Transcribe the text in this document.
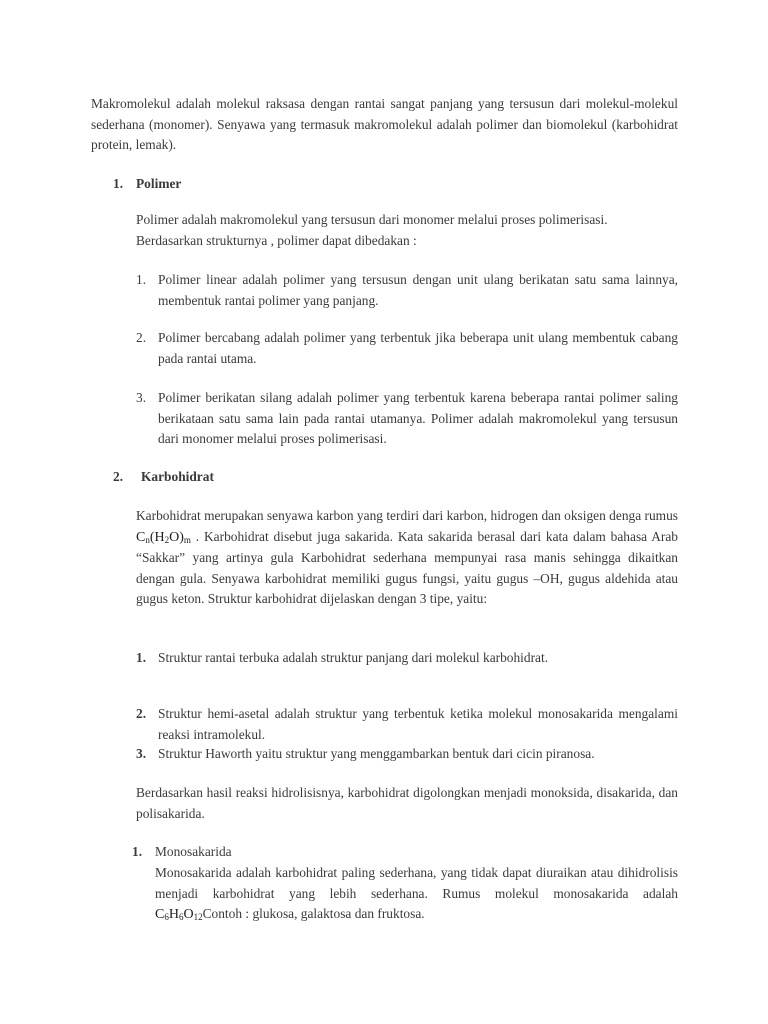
Makromolekul adalah molekul raksasa dengan rantai sangat panjang yang tersusun dari molekul-molekul sederhana (monomer). Senyawa yang termasuk makromolekul adalah polimer dan biomolekul (karbohidrat protein, lemak).
1. Polimer
Polimer adalah makromolekul yang tersusun dari monomer melalui proses polimerisasi.
Berdasarkan strukturnya , polimer dapat dibedakan :
1. Polimer linear adalah polimer yang tersusun dengan unit ulang berikatan satu sama lainnya, membentuk rantai polimer yang panjang.
2. Polimer bercabang adalah polimer yang terbentuk jika beberapa unit ulang membentuk cabang pada rantai utama.
3. Polimer berikatan silang adalah polimer yang terbentuk karena beberapa rantai polimer saling berikataan satu sama lain pada rantai utamanya. Polimer adalah makromolekul yang tersusun dari monomer melalui proses polimerisasi.
2.	Karbohidrat
Karbohidrat merupakan senyawa karbon yang terdiri dari karbon, hidrogen dan oksigen denga rumus $C_n(H_2O)_m$ . Karbohidrat disebut juga sakarida. Kata sakarida berasal dari kata dalam bahasa Arab “Sakkar” yang artinya gula Karbohidrat sederhana mempunyai rasa manis sehingga dikaitkan dengan gula. Senyawa karbohidrat memiliki gugus fungsi, yaitu gugus –OH, gugus aldehida atau gugus keton. Struktur karbohidrat dijelaskan dengan 3 tipe, yaitu:
1. Struktur rantai terbuka adalah struktur panjang dari molekul karbohidrat.
2. Struktur hemi-asetal adalah struktur yang terbentuk ketika molekul monosakarida mengalami reaksi intramolekul.
3. Struktur Haworth yaitu struktur yang menggambarkan bentuk dari cicin piranosa.
Berdasarkan hasil reaksi hidrolisisnya, karbohidrat digolongkan menjadi monoksida, disakarida, dan polisakarida.
1. Monosakarida
Monosakarida adalah karbohidrat paling sederhana, yang tidak dapat diuraikan atau dihidrolisis menjadi karbohidrat yang lebih sederhana. Rumus molekul monosakarida adalah $C_6H_6O_{12}Contoh$ : glukosa, galaktosa dan fruktosa.
